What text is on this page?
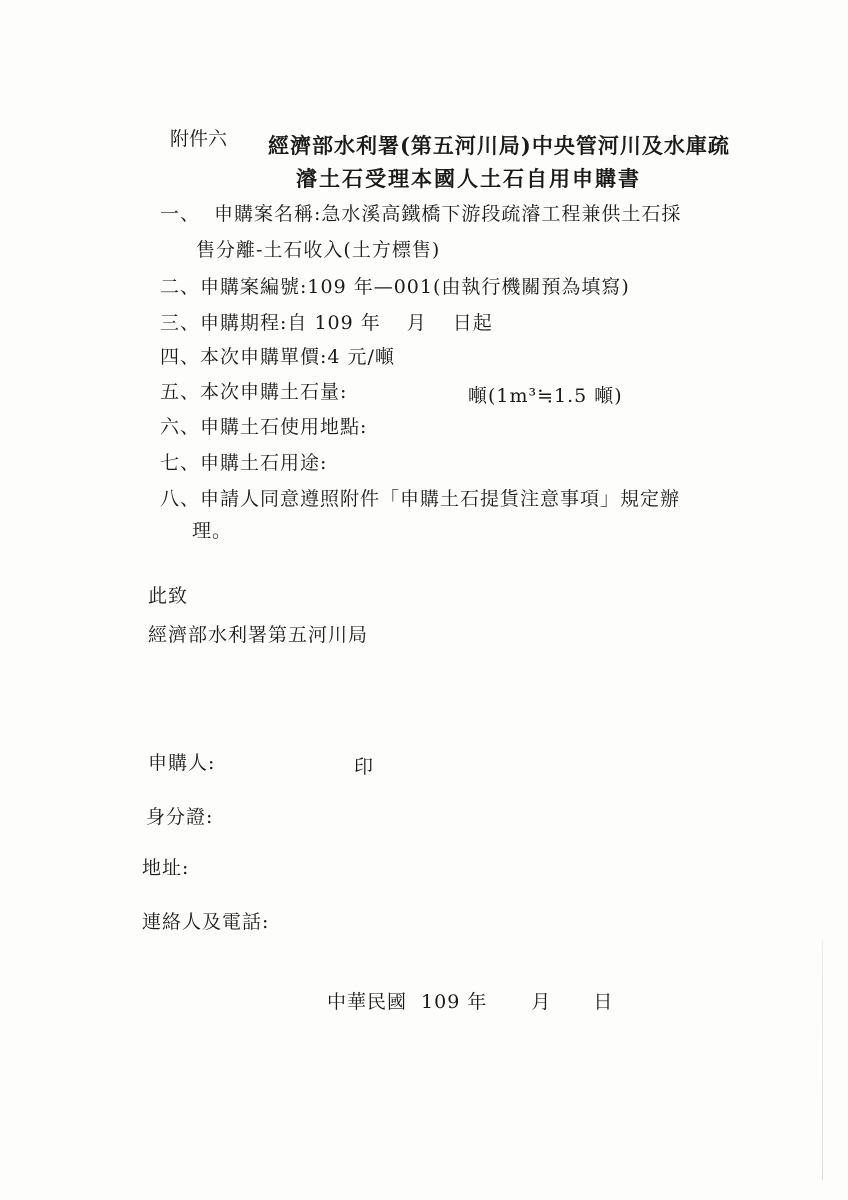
附件六 經濟部水利署(第五河川局)中央管河川及水庫疏
濬土石受理本國人土石自用申購書
一、 申購案名稱:急水溪高鐵橋下游段疏濬工程兼供土石採
售分離-土石收入(土方標售)
二、申購案編號:109 年—001(由執行機關預為填寫)
三、申購期程:自 109 年 月 日起
四、本次申購單價:4 元/噸
五、本次申購土石量:	噸(1m³≒1.5 噸)
六、申購土石使用地點:
七、申購土石用途:
八、申請人同意遵照附件「申購土石提貨注意事項」規定辦
理。
此致
經濟部水利署第五河川局
申購人:	印
身分證:
地址:
連絡人及電話:
中華民國 109 年 月 日
